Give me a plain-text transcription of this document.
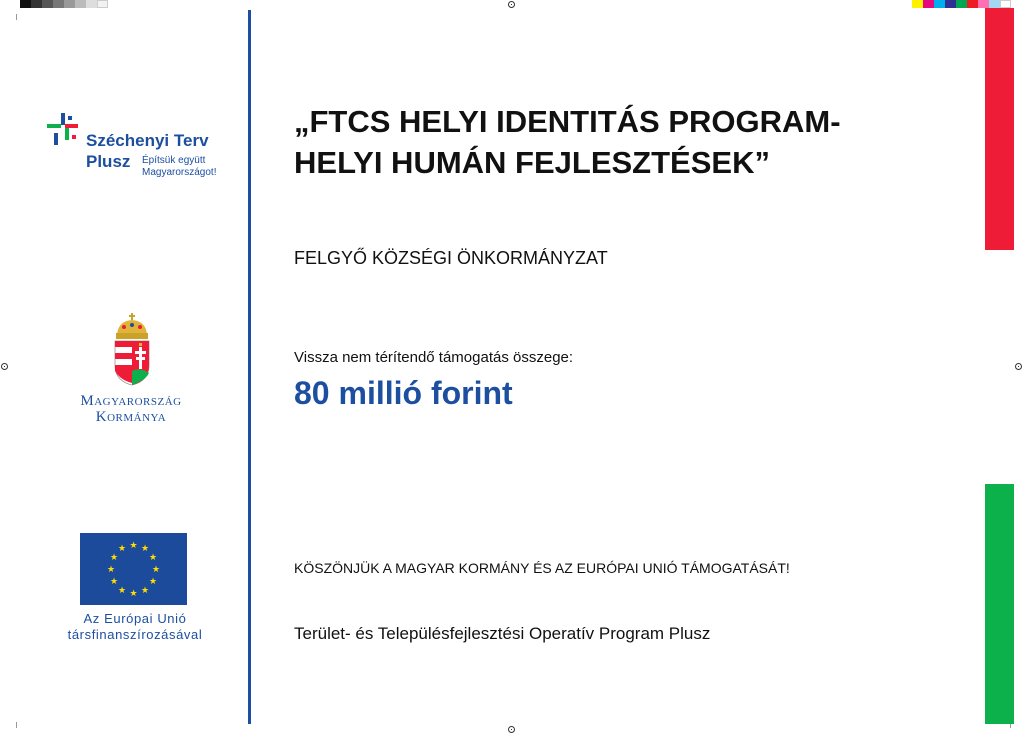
Széchenyi Terv
Plusz Építsük együtt
Magyarországot!
Magyarország
Kormánya
★ ★
★
★
★
★
★
★
★
★
★
★
Az Európai Unió
társfinanszírozásával
„FTCS HELYI IDENTITÁS PROGRAM-
HELYI HUMÁN FEJLESZTÉSEK”
FELGYŐ KÖZSÉGI ÖNKORMÁNYZAT
Vissza nem térítendő támogatás összege:
80 millió forint
KÖSZÖNJÜK A MAGYAR KORMÁNY ÉS AZ EURÓPAI UNIÓ TÁMOGATÁSÁT!
Terület- és Településfejlesztési Operatív Program Plusz
